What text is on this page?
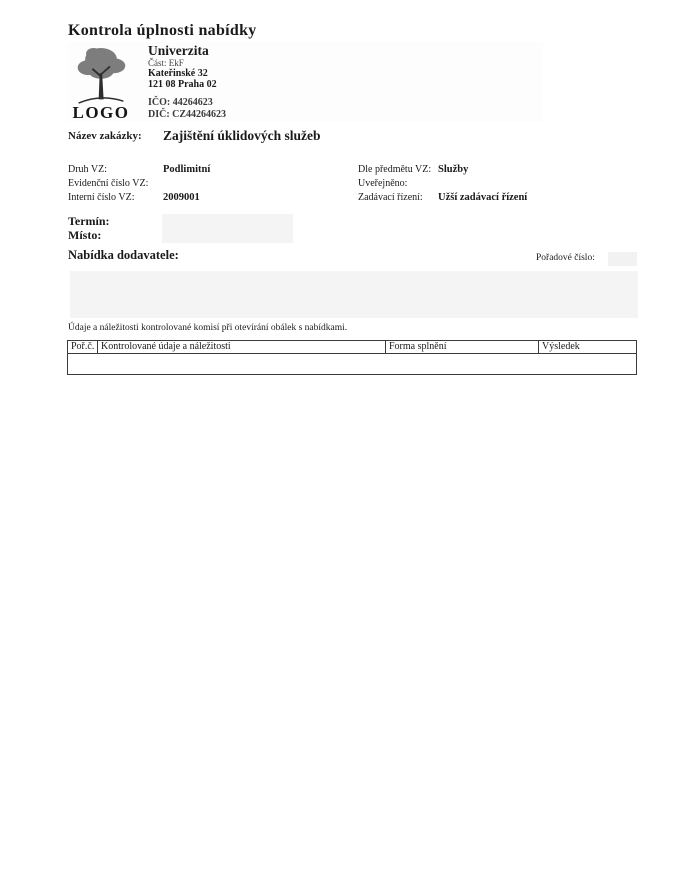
Kontrola úplnosti nabídky
LOGO
Univerzita
Část: EkF
Kateřinské 32
121 08 Praha 02
IČO: 44264623
DIČ: CZ44264623
Název zakázky: Zajištění úklidových služeb
Druh VZ:	Podlimitní
Evidenční číslo VZ:
Interní číslo VZ:	2009001
Dle předmětu VZ: Služby
Uveřejněno:
Zadávací řízení: Užší zadávací řízení
Termín:
Místo:
Nabídka dodavatele:	Pořadové číslo:
Údaje a náležitosti kontrolované komisí při otevírání obálek s nabídkami.
Poř.č.	Kontrolované údaje a náležitosti	Forma splnění	Výsledek
